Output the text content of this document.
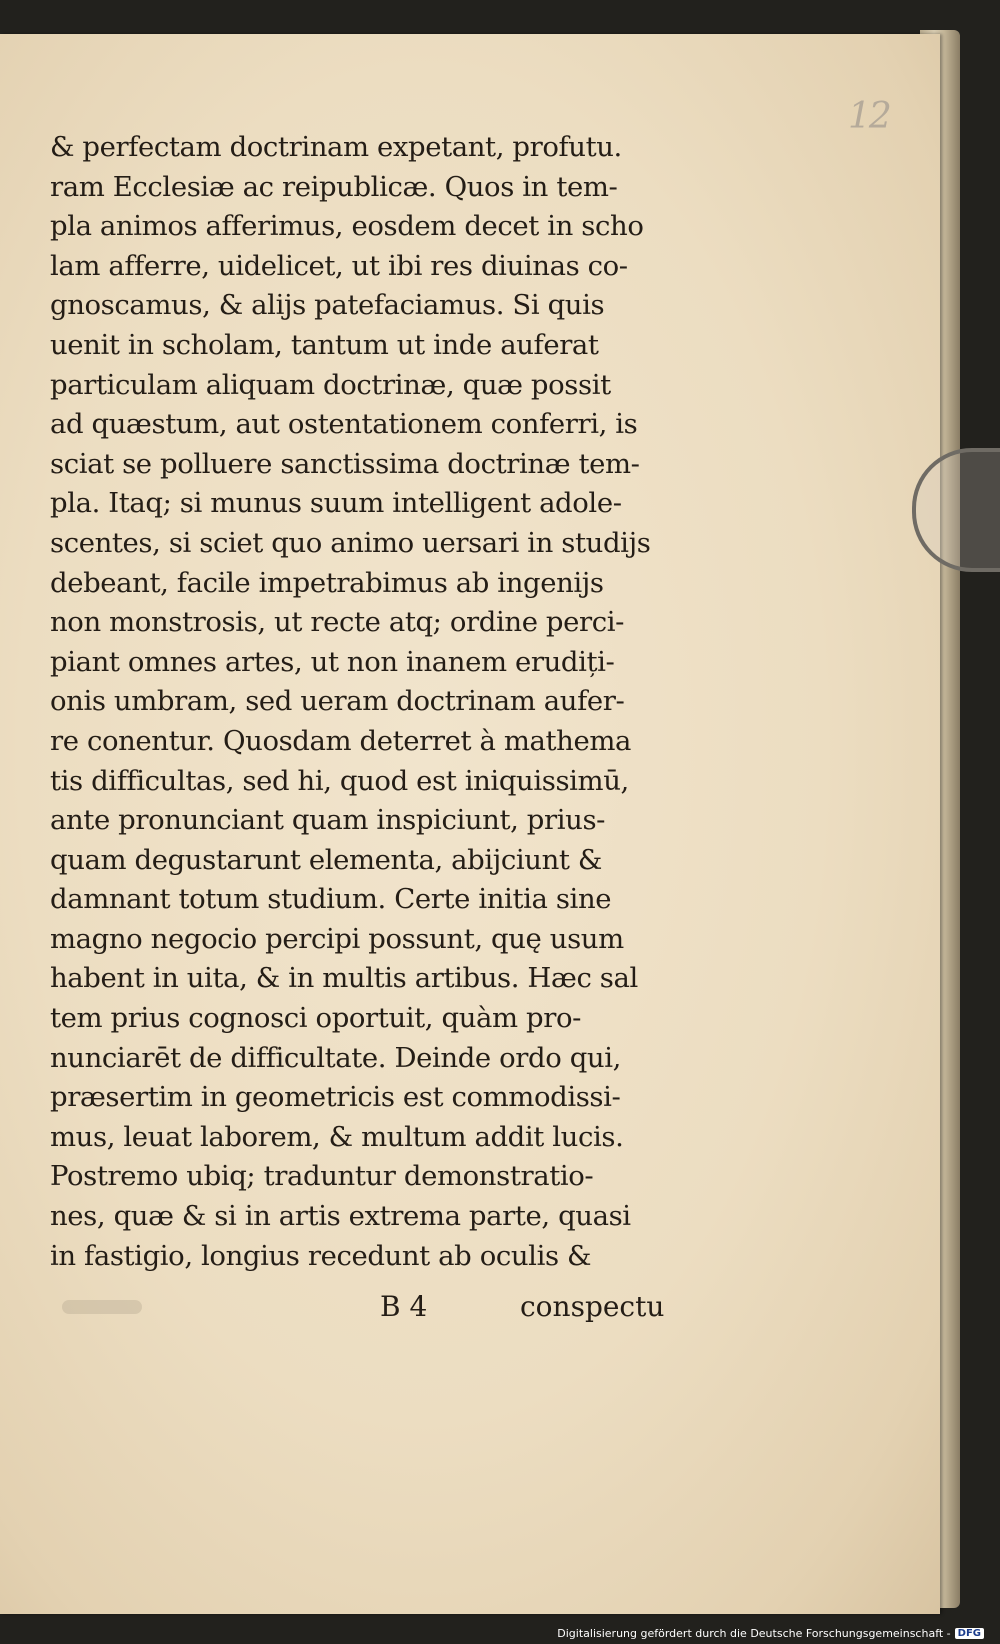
12
& perfectam doctrinam expetant, profutu.
ram Ecclesiæ ac reipublicæ. Quos in tem-
pla animos afferimus, eosdem decet in scho
lam afferre, uidelicet, ut ibi res diuinas co-
gnoscamus, & aliјs patefaciamus. Si quis
uenit in scholam, tantum ut inde auferat
particulam aliquam doctrinæ, quæ possit
ad quæstum, aut ostentationem conferri, is
sciat se polluere sanctissima doctrinæ tem-
pla. Itaq; si munus suum intelligent adole-
scentes, si sciet quo animo uersari in studijs
debeant, facile impetrabimus ab ingenijs
non monstrosis, ut recte atq; ordine perci-
piant omnes artes, ut non inanem erudiți-
onis umbram, sed ueram doctrinam aufer-
re conentur. Quosdam deterret à mathema
tis difficultas, sed hi, quod est iniquissimū,
ante pronunciant quam inspiciunt, prius-
quam degustarunt elementa, abijciunt &
damnant totum studium. Certe initia sine
magno negocio percipi possunt, quę usum
habent in uita, & in multis artibus. Hæc sal
tem prius cognosci oportuit, quàm pro-
nunciarēt de difficultate. Deinde ordo qui,
præsertim in geometricis est commodissi-
mus, leuat laborem, & multum addit lucis.
Postremo ubiq; traduntur demonstratio-
nes, quæ & si in artis extrema parte, quasi
in fastigio, longius recedunt ab oculis &
B 4	conspectu
Digitalisierung gefördert durch die Deutsche Forschungsgemeinschaft - DFG
